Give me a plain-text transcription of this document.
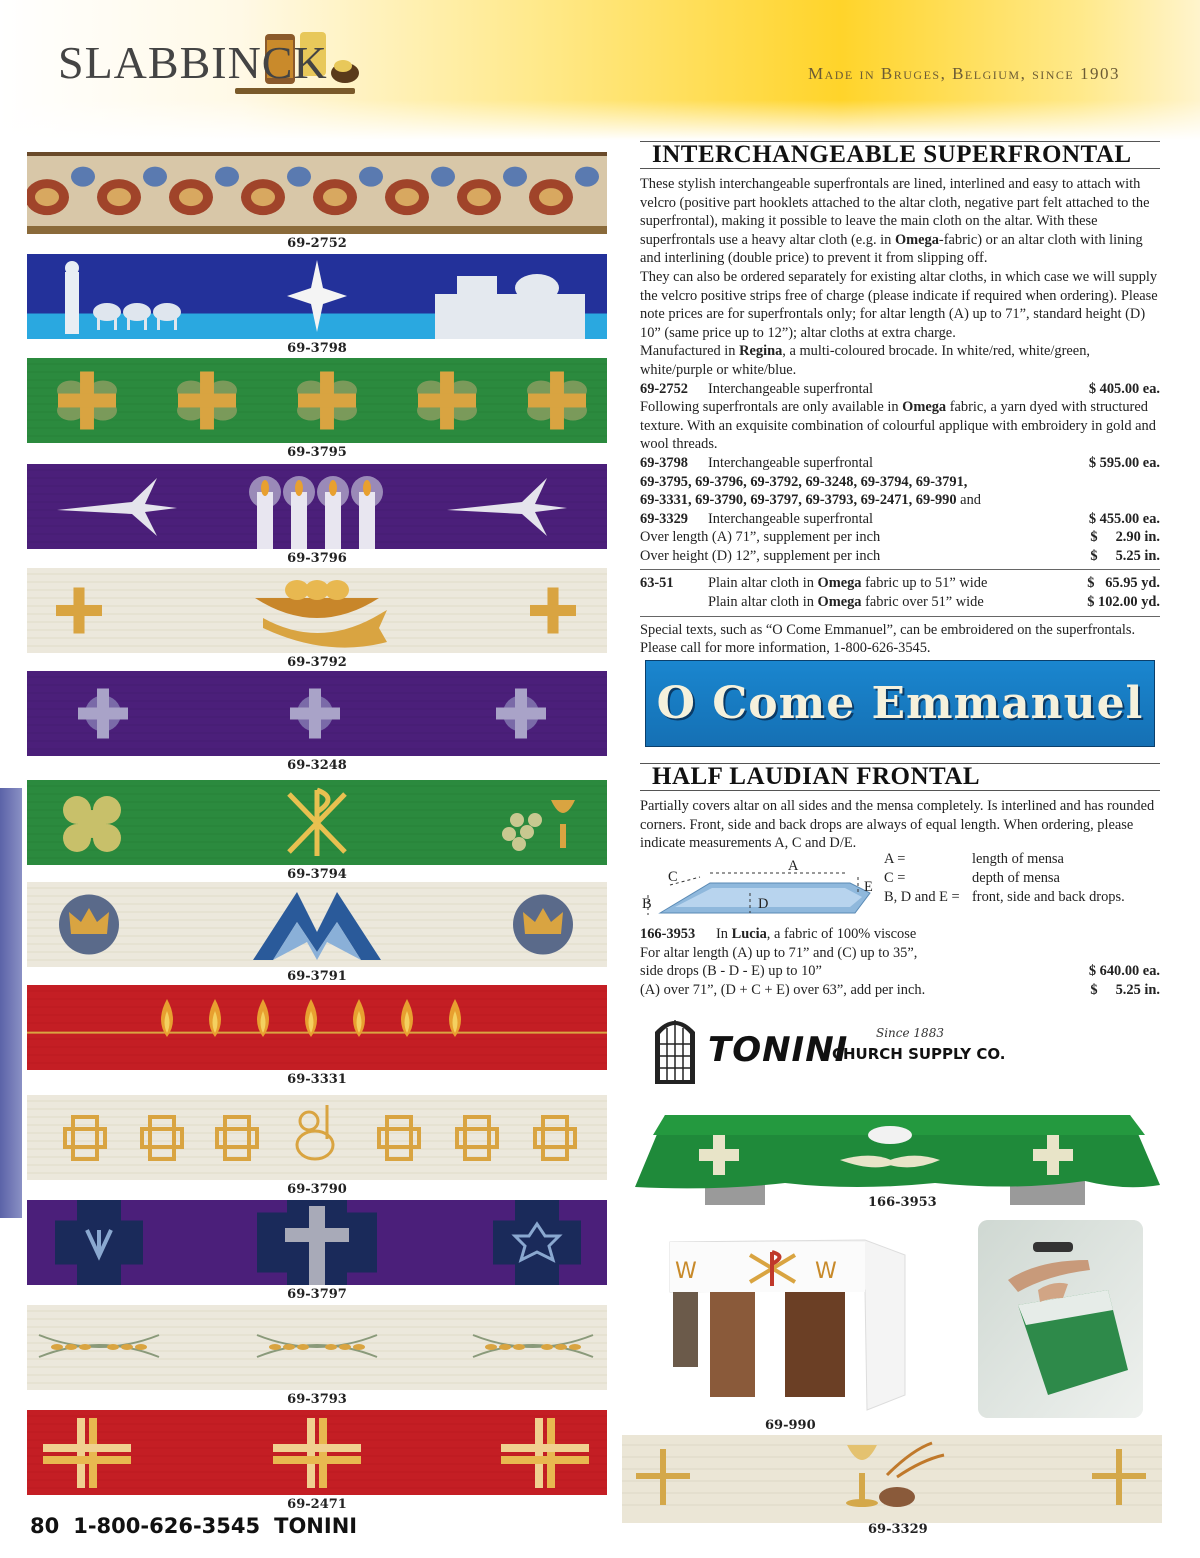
SLABBINCK	Made in Bruges, Belgium, since 1903
69-2752
69-3798
69-3795
69-3796
69-3792
69-3248
69-3794
69-3791
69-3331
69-3790
69-3797
69-3793
69-2471
INTERCHANGEABLE SUPERFRONTAL
These stylish interchangeable superfrontals are lined, interlined and easy to attach with velcro (positive part hooklets attached to the altar cloth, negative part felt attached to the superfrontal), making it possible to leave the main cloth on the altar. With these superfrontals use a heavy altar cloth (e.g. in Omega-fabric) or an altar cloth with lining and interlining (double price) to prevent it from slipping off.
They can also be ordered separately for existing altar cloths, in which case we will supply the velcro positive strips free of charge (please indicate if required when ordering). Please note prices are for superfrontals only; for altar length (A) up to 71”, standard height (D) 10” (same price up to 12”); altar cloths at extra charge.
Manufactured in Regina, a multi-coloured brocade. In white/red, white/green, white/purple or white/blue.
69-2752	Interchangeable superfrontal	$ 405.00 ea.
Following superfrontals are only available in Omega fabric, a yarn dyed with structured texture. With an exquisite combination of colourful applique with embroidery in gold and wool threads.
69-3798	Interchangeable superfrontal	$ 595.00 ea.
69-3795, 69-3796, 69-3792, 69-3248, 69-3794, 69-3791,
69-3331, 69-3790, 69-3797, 69-3793, 69-2471, 69-990 and
69-3329	Interchangeable superfrontal	$ 455.00 ea.
Over length (A) 71”, supplement per inch	$     2.90 in.
Over height (D) 12”, supplement per inch	$     5.25 in.
63-51	Plain altar cloth in Omega fabric up to 51” wide	$   65.95 yd.
Plain altar cloth in Omega fabric over 51” wide	$ 102.00 yd.
Special texts, such as “O Come Emmanuel”, can be embroidered on the superfrontals. Please call for more information, 1-800-626-3545.
O Come Emmanuel
HALF LAUDIAN FRONTAL
Partially covers altar on all sides and the mensa completely. Is interlined and has rounded corners. Front, side and back drops are always of equal length. When ordering, please indicate measurements A, C and D/E.
A
C
B	D
E
A =	length of mensa
C =	depth of mensa
B, D and E = front, side and back drops.
166-3953	In Lucia, a fabric of 100% viscose
For altar length (A) up to 71” and (C) up to 35”,
side drops (B - D - E) up to 10”	$ 640.00 ea.
(A) over 71”, (D + C + E) over 63”, add per inch.	$     5.25 in.
TONINI
CHURCH SUPPLY CO.
Since 1883
166-3953
W	W
69-990
69-3329
80 1-800-626-3545 TONINI
